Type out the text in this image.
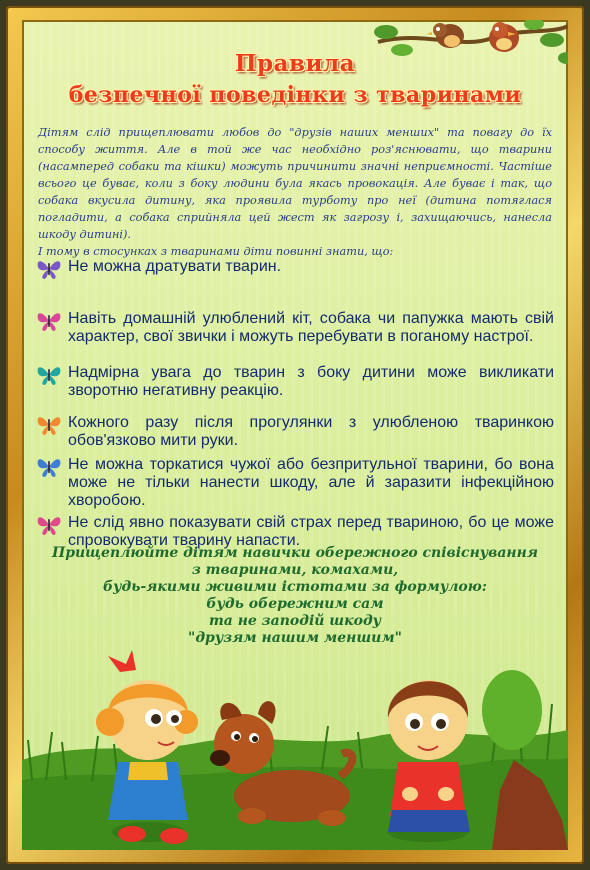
Правила
безпечної поведінки з тваринами

Дітям слід прищеплювати любов до "друзів наших менших" та повагу до їх способу життя. Але в той же час необхідно роз'яснювати, що тварини (насамперед собаки та кішки) можуть причинити значні неприємності. Частіше всього це буває, коли з боку людини була якась провокація. Але буває і так, що собака вкусила дитину, яка проявила турботу про неї (дитина потяглася погладити, а собака сприйняла цей жест як загрозу і, захищаючись, нанесла шкоду дитині).

І тому в стосунках з тваринами діти повинні знати, що:

Не можна дратувати тварин.
Навіть домашній улюблений кіт, собака чи папужка мають свій характер, свої звички і можуть перебувати в поганому настрої.
Надмірна увага до тварин з боку дитини може викликати зворотню негативну реакцію.
Кожного разу після прогулянки з улюбленою тваринкою обов'язково мити руки.
Не можна торкатися чужої або безпритульної тварини, бо вона може не тільки нанести шкоду, але й заразити інфекційною хворобою.
Не слід явно показувати свій страх перед твариною, бо це може спровокувати тварину напасти.
Прищеплюйте дітям навички обережного співіснування
з тваринами, комахами,
будь-якими живими істотами за формулою:
будь обережним сам
та не заподій шкоду
"друзям нашим меншим"
